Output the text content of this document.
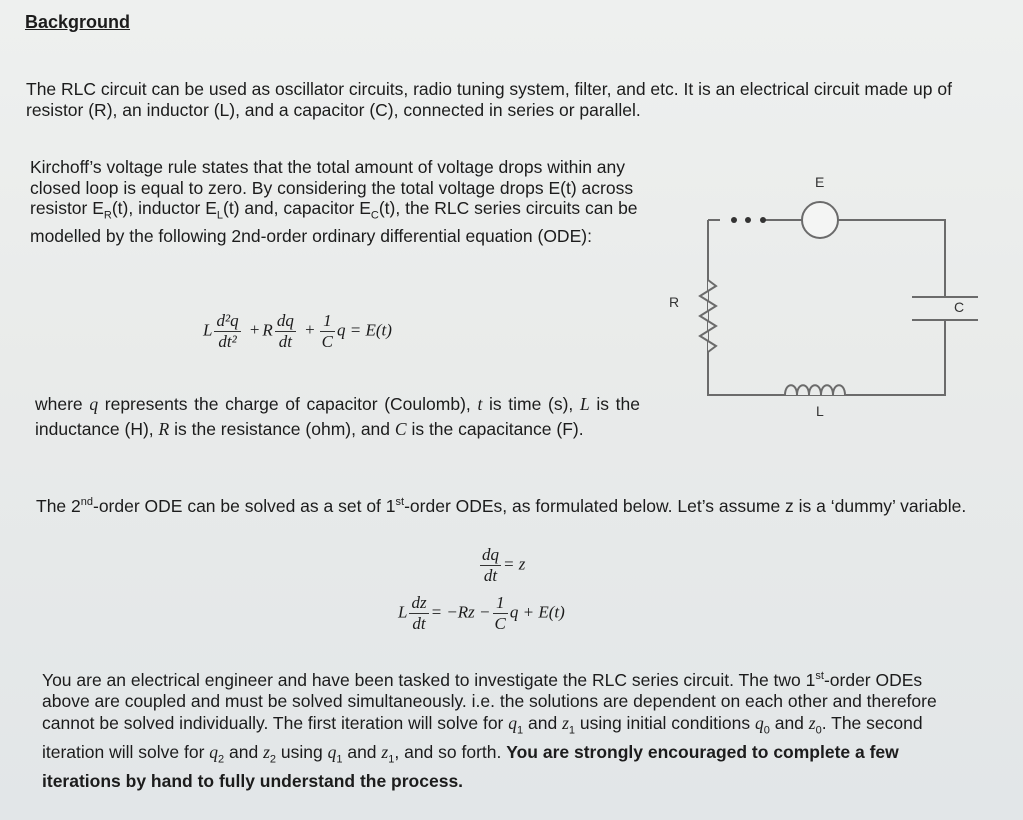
Background
The RLC circuit can be used as oscillator circuits, radio tuning system, filter, and etc. It is an electrical circuit made up of resistor (R), an inductor (L), and a capacitor (C), connected in series or parallel.
Kirchoff’s voltage rule states that the total amount of voltage drops within any closed loop is equal to zero. By considering the total voltage drops E(t) across resistor $E_R(t)$, inductor $E_L(t)$ and, capacitor $E_C(t)$, the RLC series circuits can be modelled by the following 2nd-order ordinary differential equation (ODE):
L $\frac{\text{d²q}}{\text{dt²}} + R \frac{dq}{dt} + \frac{1}{C}$ q = E(t)
where q represents the charge of capacitor (Coulomb), t is time (s), L is the inductance (H), R is the resistance (ohm), and C is the capacitance (F).
The 2nd-order ODE can be solved as a set of 1st-order ODEs, as formulated below. Let’s assume z is a ‘dummy’ variable.
$\frac{dq}{dt} = z$
L $\frac{dz}{dt} = -Rz - \frac{1}{C}$ q + E(t)
You are an electrical engineer and have been tasked to investigate the RLC series circuit. The two 1st-order ODEs above are coupled and must be solved simultaneously. i.e. the solutions are dependent on each other and therefore cannot be solved individually. The first iteration will solve for $q_1$ and $z_1$ using initial conditions $q_0$ and $z_0$. The second iteration will solve for $q_2$ and $z_2$ using $q_1$ and $z_1$, and so forth. You are strongly encouraged to complete a few iterations by hand to fully understand the process.
E
R	C
L
